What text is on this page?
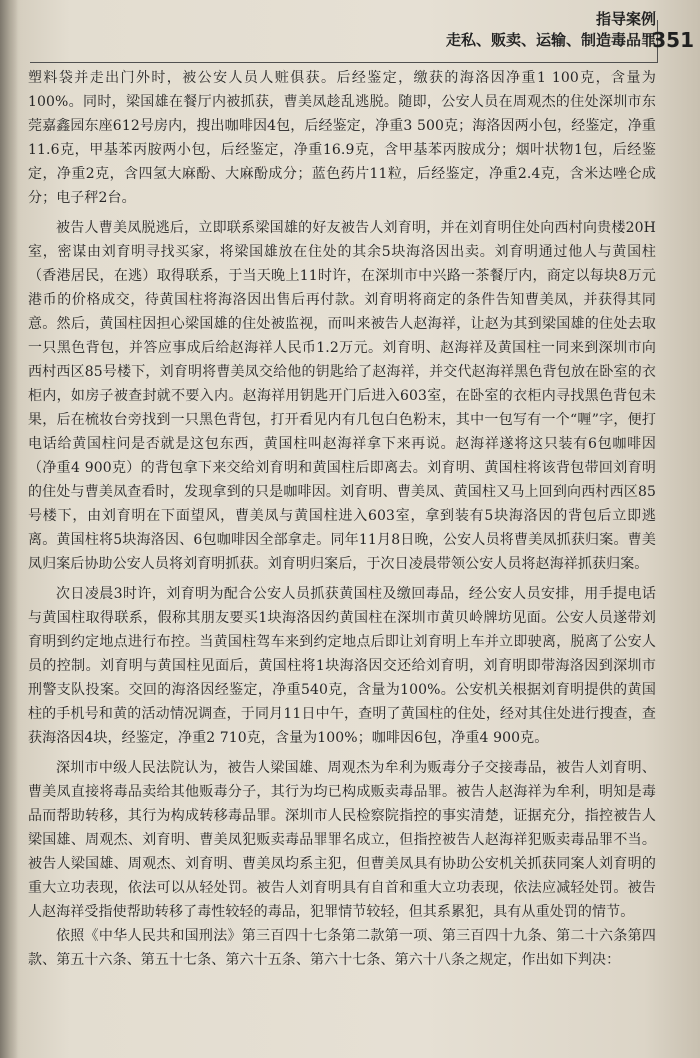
指导案例
走私、贩卖、运输、制造毒品罪
351

塑料袋并走出门外时，被公安人员人赃俱获。后经鉴定，缴获的海洛因净重1 100克，含量为100%。同时，梁国雄在餐厅内被抓获，曹美凤趁乱逃脱。随即，公安人员在周观杰的住处深圳市东莞嘉鑫园东座612号房内，搜出咖啡因4包，后经鉴定，净重3 500克；海洛因两小包，经鉴定，净重11.6克，甲基苯丙胺两小包，后经鉴定，净重16.9克，含甲基苯丙胺成分；烟叶状物1包，后经鉴定，净重2克，含四氢大麻酚、大麻酚成分；蓝色药片11粒，后经鉴定，净重2.4克，含米达唑仑成分；电子秤2台。

被告人曹美凤脱逃后，立即联系梁国雄的好友被告人刘育明，并在刘育明住处向西村向贵楼20H室，密谋由刘育明寻找买家，将梁国雄放在住处的其余5块海洛因出卖。刘育明通过他人与黄国柱（香港居民，在逃）取得联系，于当天晚上11时许，在深圳市中兴路一茶餐厅内，商定以每块8万元港币的价格成交，待黄国柱将海洛因出售后再付款。刘育明将商定的条件告知曹美凤，并获得其同意。然后，黄国柱因担心梁国雄的住处被监视，而叫来被告人赵海祥，让赵为其到梁国雄的住处去取一只黑色背包，并答应事成后给赵海祥人民币1.2万元。刘育明、赵海祥及黄国柱一同来到深圳市向西村西区85号楼下，刘育明将曹美凤交给他的钥匙给了赵海祥，并交代赵海祥黑色背包放在卧室的衣柜内，如房子被查封就不要入内。赵海祥用钥匙开门后进入603室，在卧室的衣柜内寻找黑色背包未果，后在梳妆台旁找到一只黑色背包，打开看见内有几包白色粉末，其中一包写有一个“喱”字，便打电话给黄国柱问是否就是这包东西，黄国柱叫赵海祥拿下来再说。赵海祥遂将这只装有6包咖啡因（净重4 900克）的背包拿下来交给刘育明和黄国柱后即离去。刘育明、黄国柱将该背包带回刘育明的住处与曹美凤查看时，发现拿到的只是咖啡因。刘育明、曹美凤、黄国柱又马上回到向西村西区85号楼下，由刘育明在下面望风，曹美凤与黄国柱进入603室，拿到装有5块海洛因的背包后立即逃离。黄国柱将5块海洛因、6包咖啡因全部拿走。同年11月8日晚，公安人员将曹美凤抓获归案。曹美凤归案后协助公安人员将刘育明抓获。刘育明归案后，于次日凌晨带领公安人员将赵海祥抓获归案。

次日凌晨3时许，刘育明为配合公安人员抓获黄国柱及缴回毒品，经公安人员安排，用手提电话与黄国柱取得联系，假称其朋友要买1块海洛因约黄国柱在深圳市黄贝岭牌坊见面。公安人员遂带刘育明到约定地点进行布控。当黄国柱驾车来到约定地点后即让刘育明上车并立即驶离，脱离了公安人员的控制。刘育明与黄国柱见面后，黄国柱将1块海洛因交还给刘育明，刘育明即带海洛因到深圳市刑警支队投案。交回的海洛因经鉴定，净重540克，含量为100%。公安机关根据刘育明提供的黄国柱的手机号和黄的活动情况调查，于同月11日中午，查明了黄国柱的住处，经对其住处进行搜查，查获海洛因4块，经鉴定，净重2 710克，含量为100%；咖啡因6包，净重4 900克。

深圳市中级人民法院认为，被告人梁国雄、周观杰为牟利为贩毒分子交接毒品，被告人刘育明、曹美凤直接将毒品卖给其他贩毒分子，其行为均已构成贩卖毒品罪。被告人赵海祥为牟利，明知是毒品而帮助转移，其行为构成转移毒品罪。深圳市人民检察院指控的事实清楚，证据充分，指控被告人梁国雄、周观杰、刘育明、曹美凤犯贩卖毒品罪罪名成立，但指控被告人赵海祥犯贩卖毒品罪不当。被告人梁国雄、周观杰、刘育明、曹美凤均系主犯，但曹美凤具有协助公安机关抓获同案人刘育明的重大立功表现，依法可以从轻处罚。被告人刘育明具有自首和重大立功表现，依法应减轻处罚。被告人赵海祥受指使帮助转移了毒性较轻的毒品，犯罪情节较轻，但其系累犯，具有从重处罚的情节。

依照《中华人民共和国刑法》第三百四十七条第二款第一项、第三百四十九条、第二十六条第四款、第五十六条、第五十七条、第六十五条、第六十七条、第六十八条之规定，作出如下判决：
